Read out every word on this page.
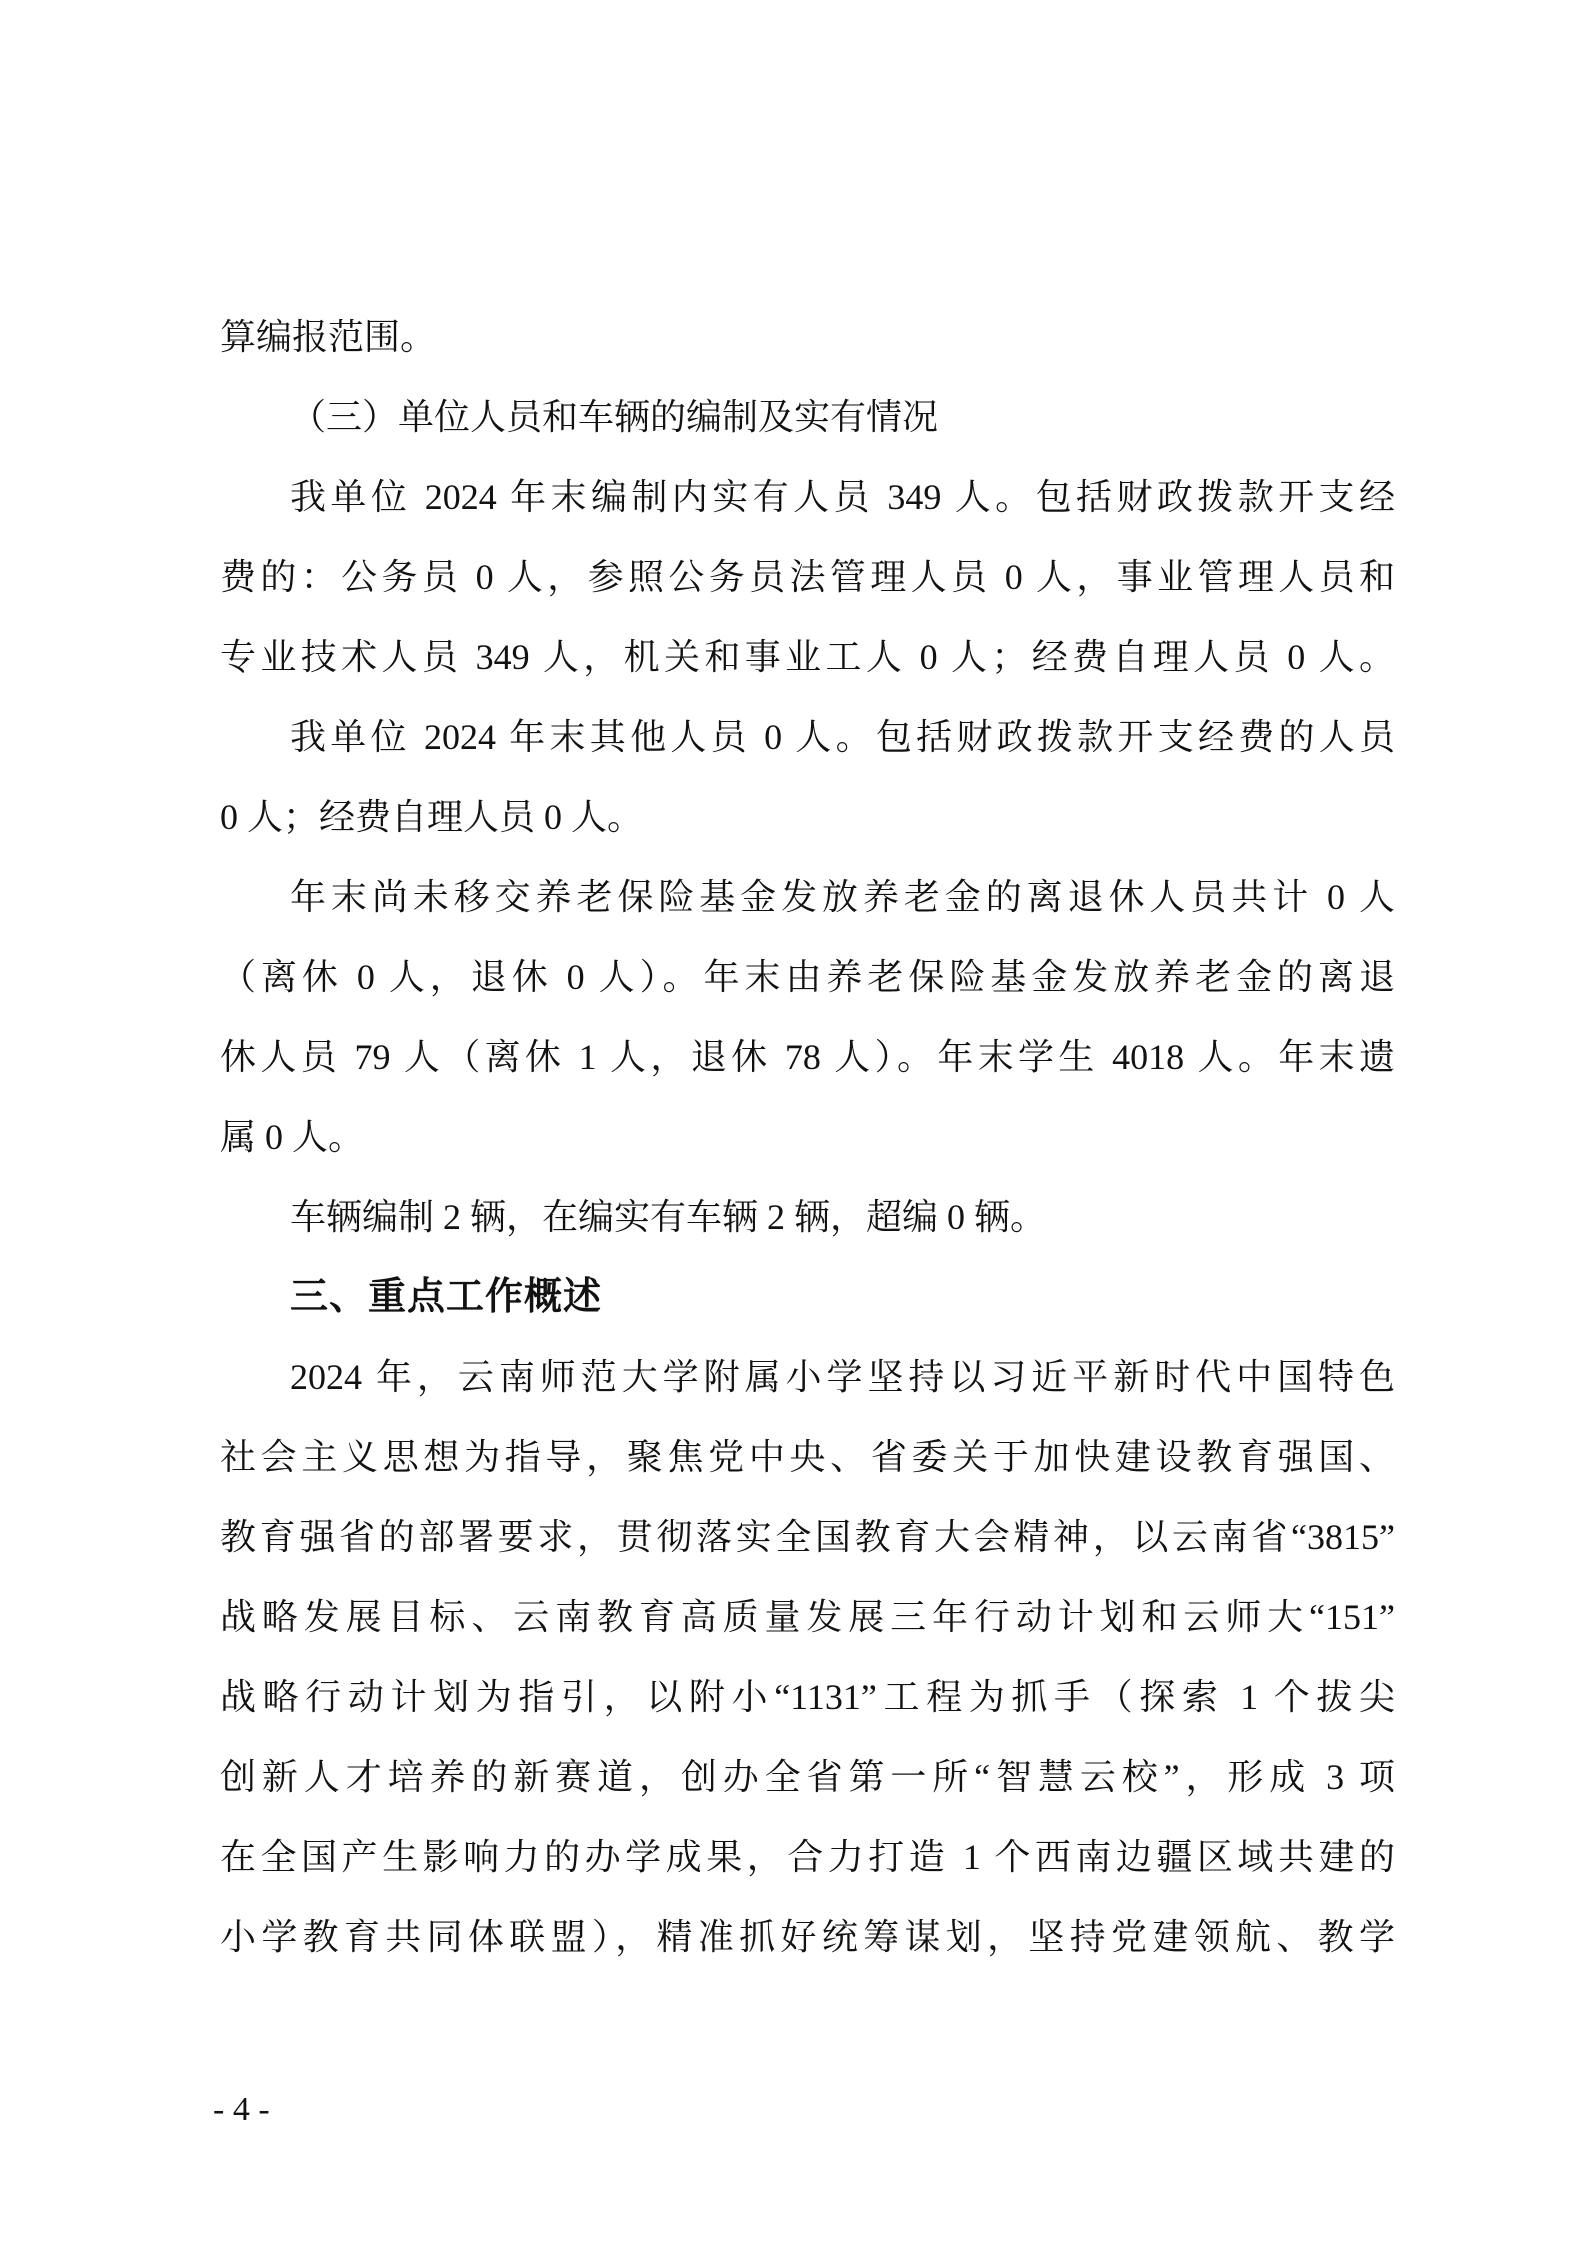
算编报范围。
（三）单位人员和车辆的编制及实有情况
我单位 2024 年末编制内实有人员 349 人。包括财政拨款开支经
费的：公务员 0 人，参照公务员法管理人员 0 人，事业管理人员和
专业技术人员 349 人，机关和事业工人 0 人；经费自理人员 0 人。
我单位 2024 年末其他人员 0 人。包括财政拨款开支经费的人员
0 人；经费自理人员 0 人。
年末尚未移交养老保险基金发放养老金的离退休人员共计 0 人
（离休 0 人，退休 0 人）。年末由养老保险基金发放养老金的离退
休人员 79 人（离休 1 人，退休 78 人）。年末学生 4018 人。年末遗
属 0 人。
车辆编制 2 辆，在编实有车辆 2 辆，超编 0 辆。
三、重点工作概述
2024 年，云南师范大学附属小学坚持以习近平新时代中国特色
社会主义思想为指导，聚焦党中央、省委关于加快建设教育强国、
教育强省的部署要求，贯彻落实全国教育大会精神，以云南省“3815”
战略发展目标、云南教育高质量发展三年行动计划和云师大“151”
战略行动计划为指引，以附小“1131”工程为抓手（探索 1 个拔尖
创新人才培养的新赛道，创办全省第一所“智慧云校”，形成 3 项
在全国产生影响力的办学成果，合力打造 1 个西南边疆区域共建的
小学教育共同体联盟），精准抓好统筹谋划，坚持党建领航、教学
- 4 -
